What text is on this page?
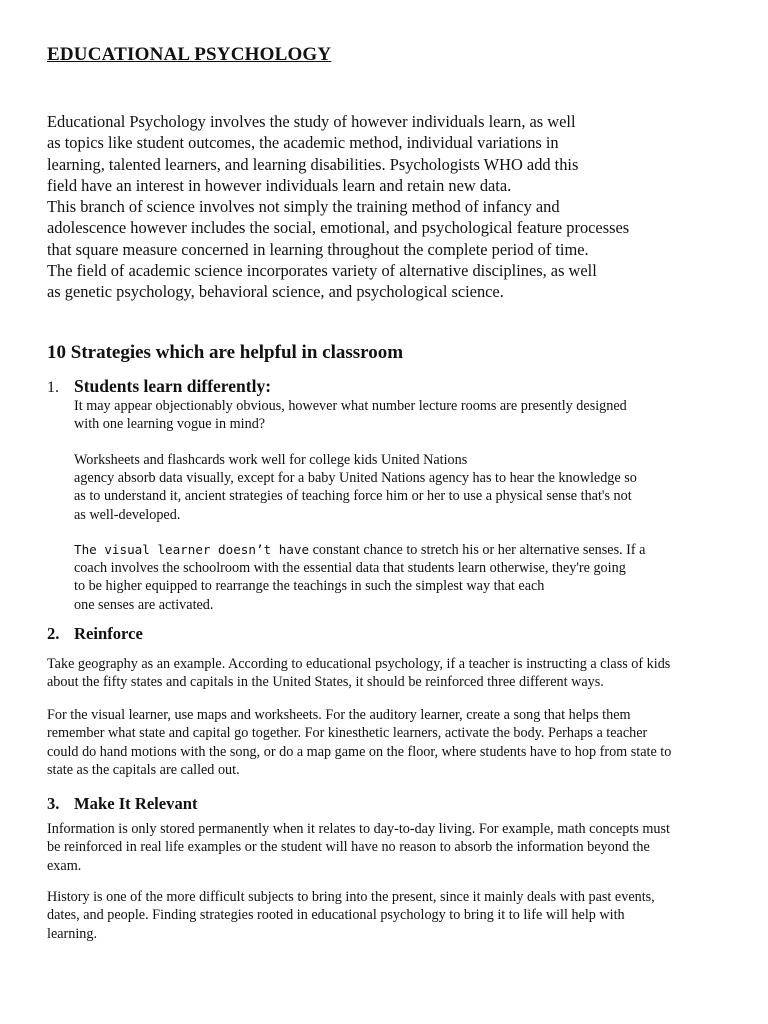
EDUCATIONAL PSYCHOLOGY
Educational Psychology involves the study of however individuals learn, as well
as topics like student outcomes, the academic method, individual variations in
learning, talented learners, and learning disabilities. Psychologists WHO add this
field have an interest in however individuals learn and retain new data.
This branch of science involves not simply the training method of infancy and
adolescence however includes the social, emotional, and psychological feature processes
that square measure concerned in learning throughout the complete period of time.
The field of academic science incorporates variety of alternative disciplines, as well
as genetic psychology, behavioral science, and psychological science.
10 Strategies which are helpful in classroom
1. Students learn differently:
It may appear objectionably obvious, however what number lecture rooms are presently designed
with one learning vogue in mind?
Worksheets and flashcards work well for college kids United Nations
agency absorb data visually, except for a baby United Nations agency has to hear the knowledge so
as to understand it, ancient strategies of teaching force him or her to use a physical sense that's not
as well-developed.
The visual learner doesn’t have constant chance to stretch his or her alternative senses. If a
coach involves the schoolroom with the essential data that students learn otherwise, they're going
to be higher equipped to rearrange the teachings in such the simplest way that each
one senses are activated.
2. Reinforce
Take geography as an example. According to educational psychology, if a teacher is instructing a class of kids
about the fifty states and capitals in the United States, it should be reinforced three different ways.
For the visual learner, use maps and worksheets. For the auditory learner, create a song that helps them
remember what state and capital go together. For kinesthetic learners, activate the body. Perhaps a teacher
could do hand motions with the song, or do a map game on the floor, where students have to hop from state to
state as the capitals are called out.
3. Make It Relevant
Information is only stored permanently when it relates to day-to-day living. For example, math concepts must
be reinforced in real life examples or the student will have no reason to absorb the information beyond the
exam.
History is one of the more difficult subjects to bring into the present, since it mainly deals with past events,
dates, and people. Finding strategies rooted in educational psychology to bring it to life will help with
learning.
